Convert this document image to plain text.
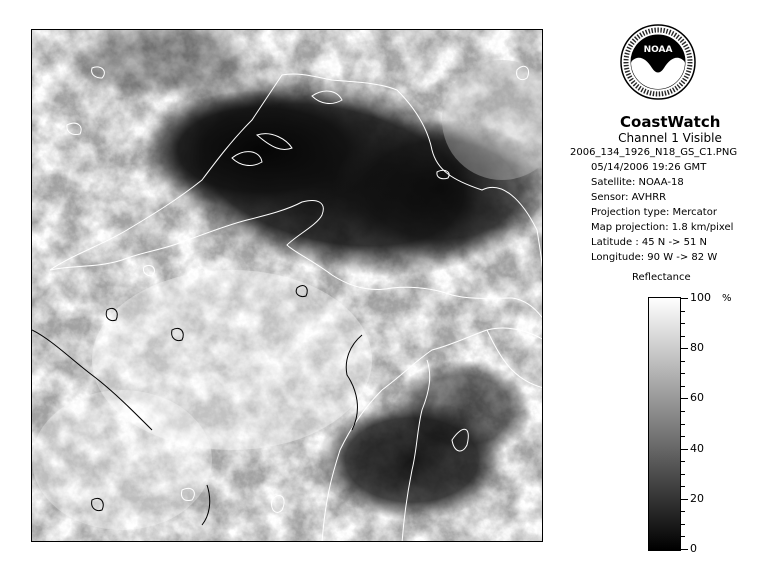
NOAA
CoastWatch
Channel 1 Visible
2006_134_1926_N18_GS_C1.PNG
05/14/2006 19:26 GMT
Satellite: NOAA-18
Sensor: AVHRR
Projection type: Mercator
Map projection: 1.8 km/pixel
Latitude : 45 N -> 51 N
Longitude: 90 W -> 82 W
Reflectance
%
100
80
60
40
20
0
